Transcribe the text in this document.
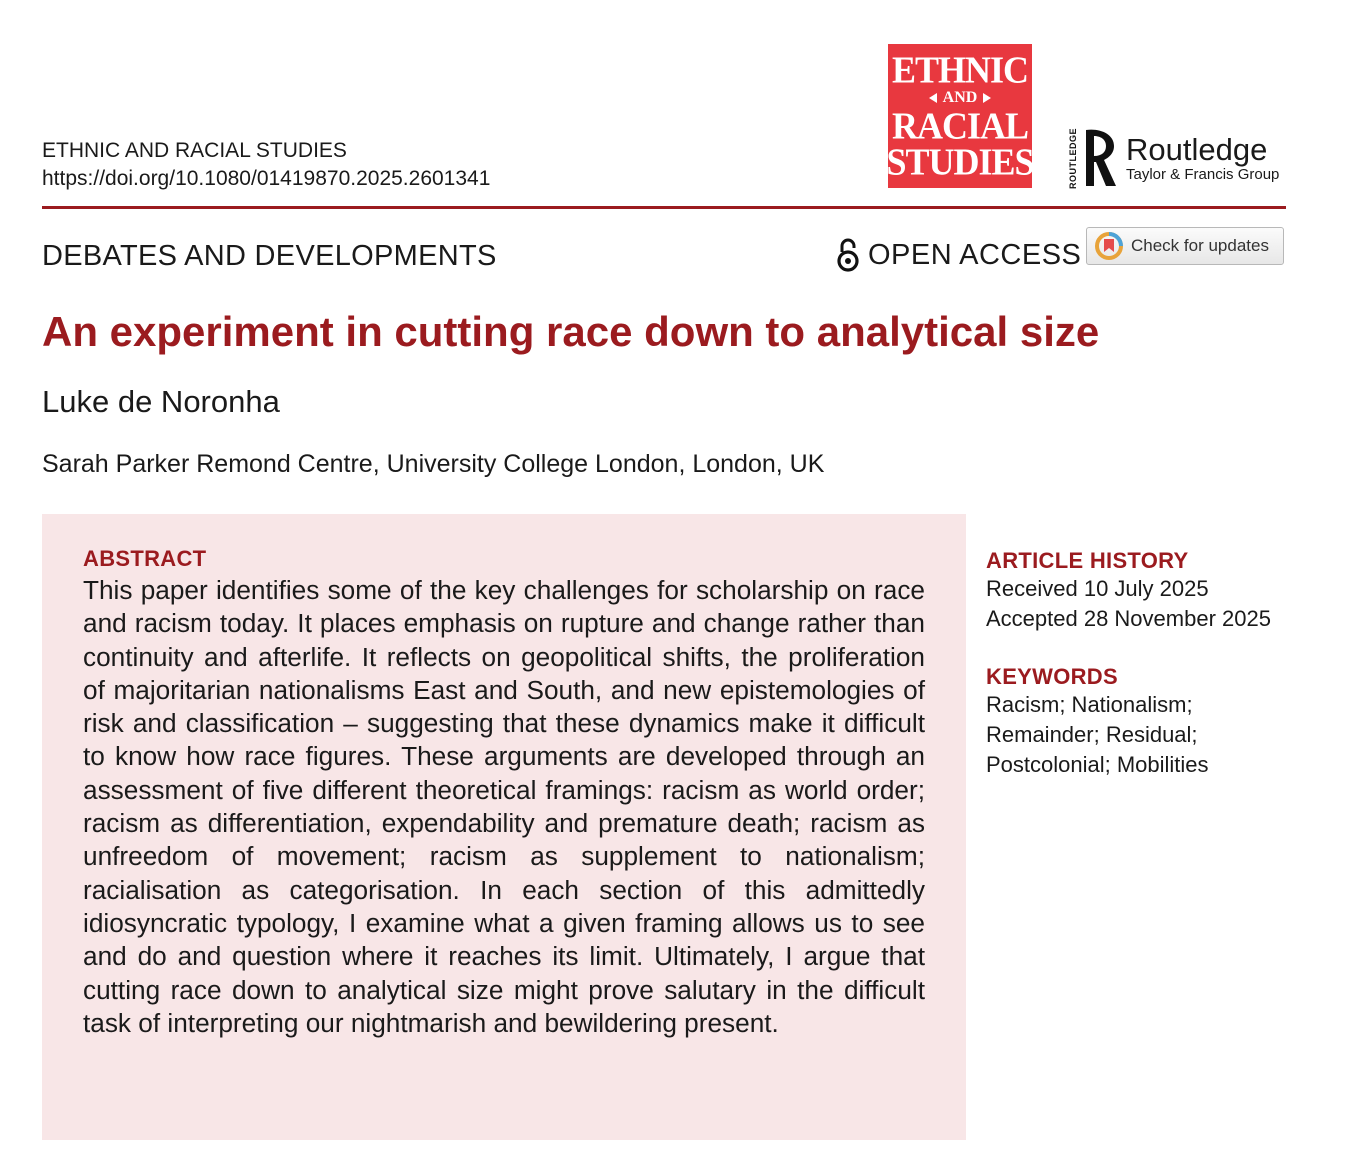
ETHNIC AND RACIAL STUDIES
https://doi.org/10.1080/01419870.2025.2601341
ETHNIC
AND
RACIAL
STUDIES	ROUTLEDGE Routledge
Taylor & Francis Group
DEBATES AND DEVELOPMENTS	OPEN ACCESS	Check for updates
An experiment in cutting race down to analytical size
Luke de Noronha
Sarah Parker Remond Centre, University College London, London, UK
ABSTRACT
This paper identifies some of the key challenges for scholarship on race and racism today. It places emphasis on rupture and change rather than continuity and afterlife. It reflects on geopolitical shifts, the proliferation of majoritarian nationalisms East and South, and new epistemologies of risk and classification – suggesting that these dynamics make it difficult to know how race figures. These arguments are developed through an assessment of five different theoretical framings: racism as world order; racism as differentiation, expendability and premature death; racism as unfreedom of movement; racism as supplement to nationalism; racialisation as categorisation. In each section of this admittedly idiosyncratic typology, I examine what a given framing allows us to see and do and question where it reaches its limit. Ultimately, I argue that cutting race down to analytical size might prove salutary in the difficult task of interpreting our nightmarish and bewildering present.
ARTICLE HISTORY
Received 10 July 2025
Accepted 28 November 2025
KEYWORDS
Racism; Nationalism;
Remainder; Residual;
Postcolonial; Mobilities
